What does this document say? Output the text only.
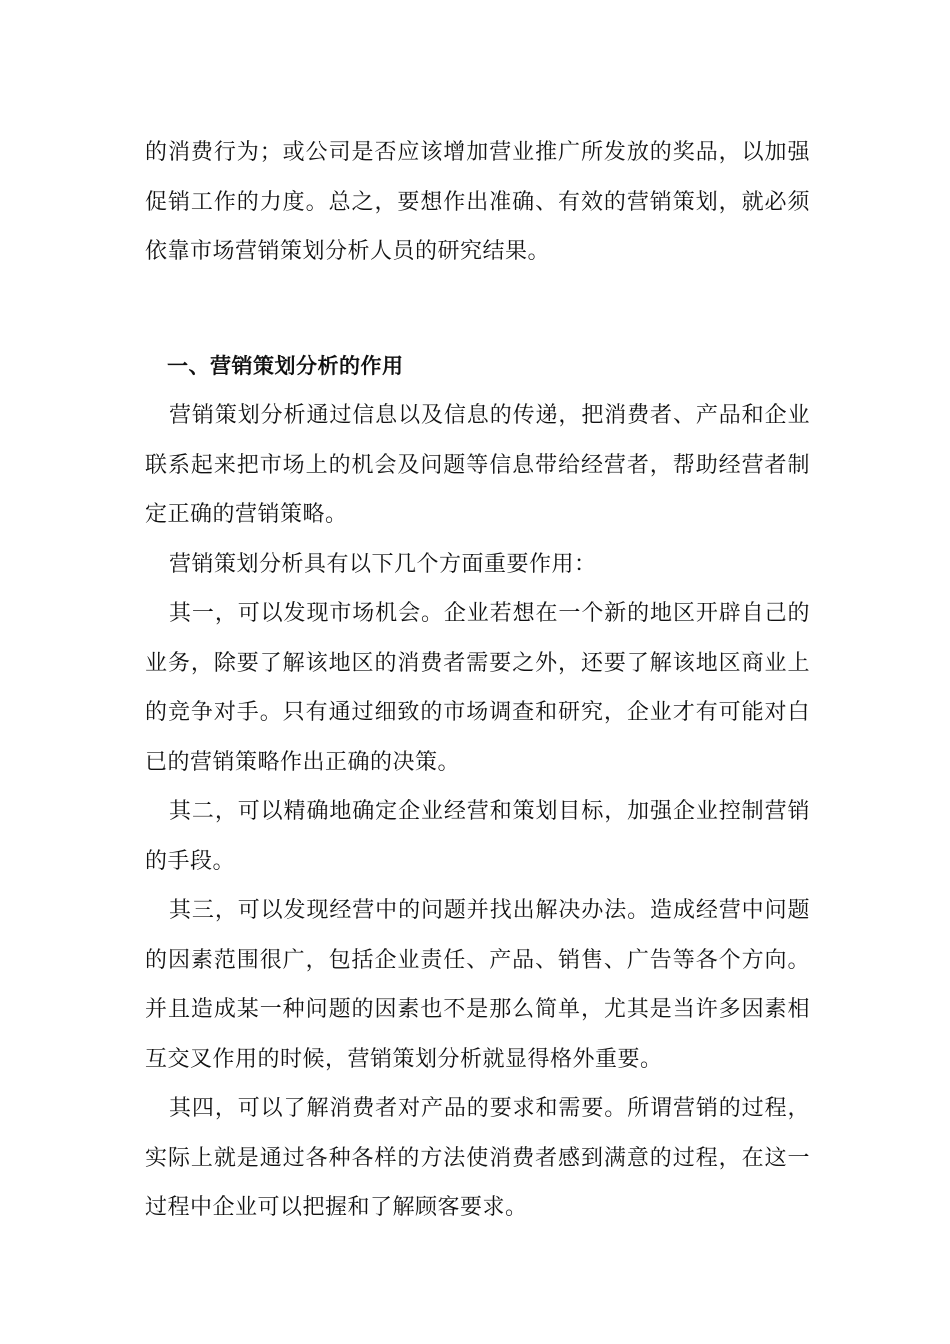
的消费行为；或公司是否应该增加营业推广所发放的奖品，以加强促销工作的力度。总之，要想作出准确、有效的营销策划，就必须依靠市场营销策划分析人员的研究结果。

一、营销策划分析的作用

营销策划分析通过信息以及信息的传递，把消费者、产品和企业联系起来把市场上的机会及问题等信息带给经营者，帮助经营者制定正确的营销策略。

营销策划分析具有以下几个方面重要作用：

其一，可以发现市场机会。企业若想在一个新的地区开辟自己的业务，除要了解该地区的消费者需要之外，还要了解该地区商业上的竞争对手。只有通过细致的市场调查和研究，企业才有可能对白已的营销策略作出正确的决策。

其二，可以精确地确定企业经营和策划目标，加强企业控制营销的手段。

其三，可以发现经营中的问题并找出解决办法。造成经营中问题的因素范围很广，包括企业责任、产品、销售、广告等各个方向。并且造成某一种问题的因素也不是那么简单，尤其是当许多因素相互交叉作用的时候，营销策划分析就显得格外重要。

其四，可以了解消费者对产品的要求和需要。所谓营销的过程，实际上就是通过各种各样的方法使消费者感到满意的过程，在这一过程中企业可以把握和了解顾客要求。
